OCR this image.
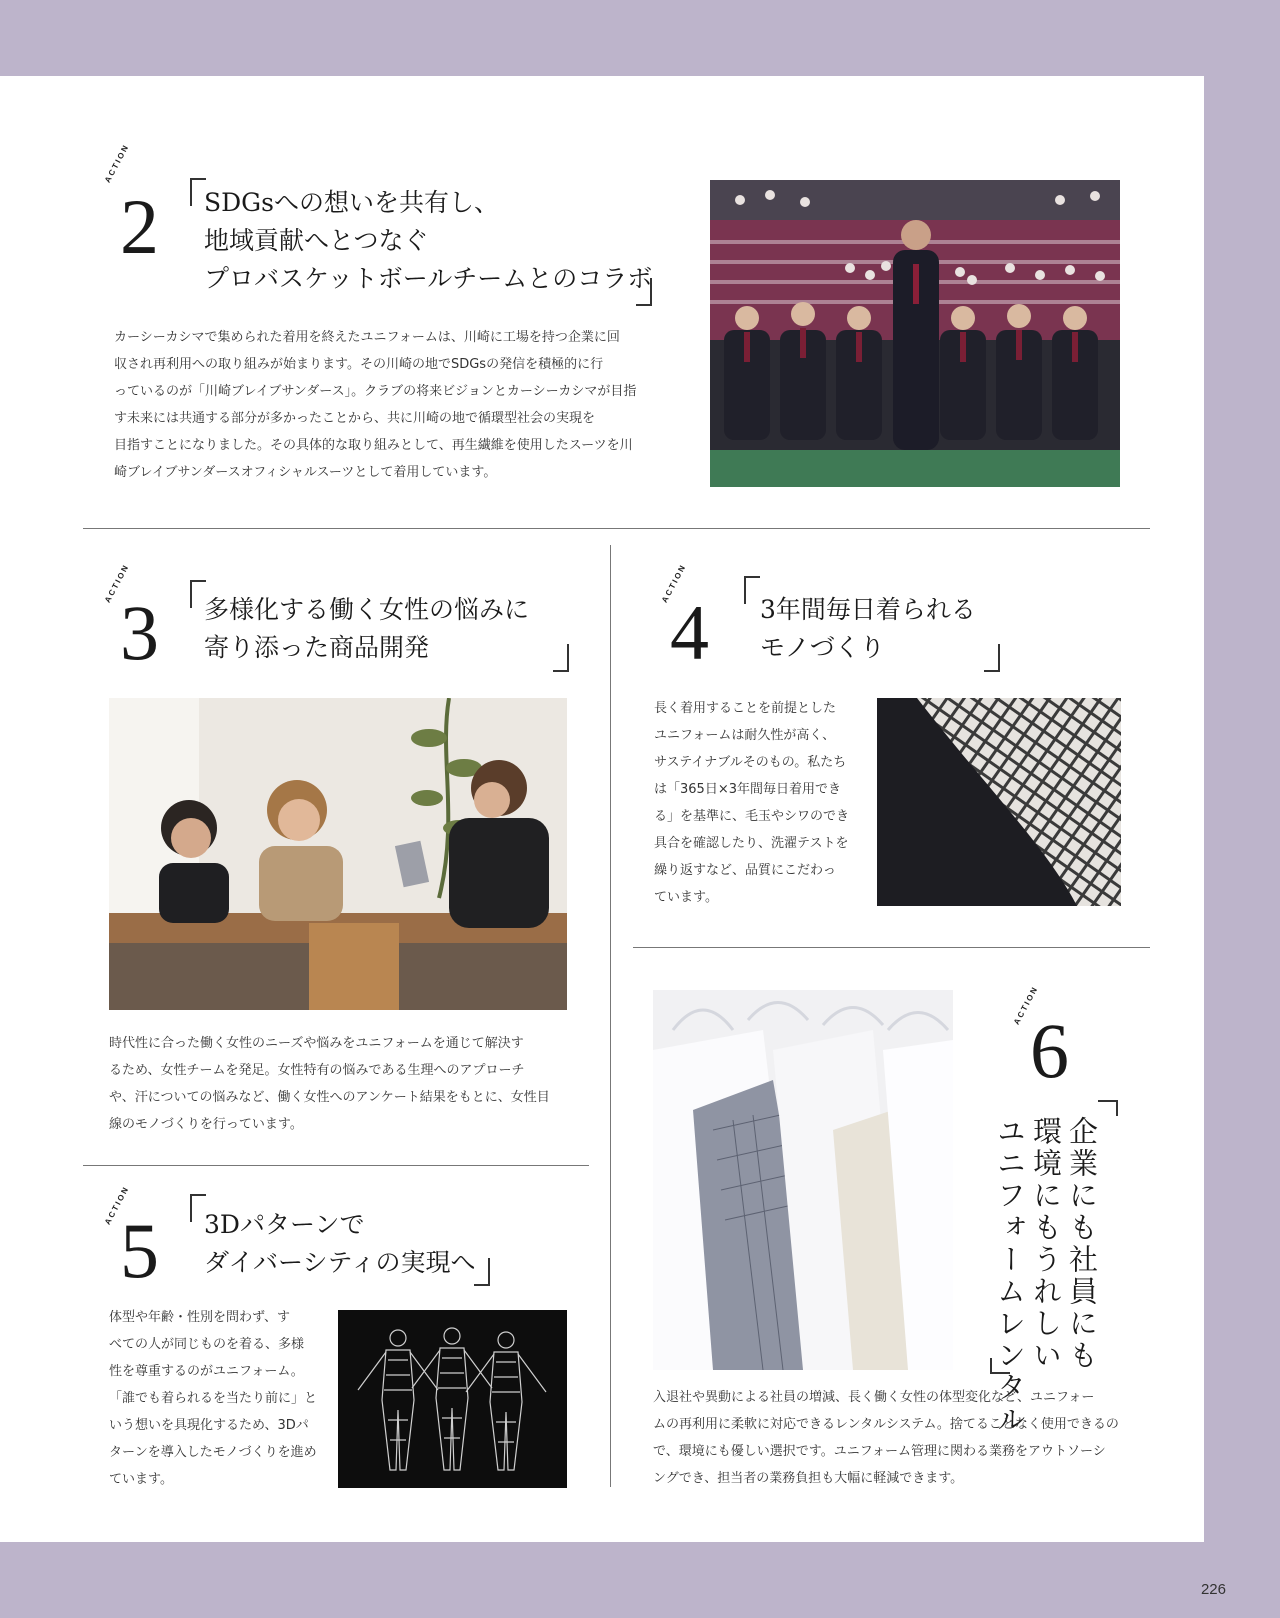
ACTION
2 SDGsへの想いを共有し、
地域貢献へとつなぐ
プロバスケットボールチームとのコラボ
カーシーカシマで集められた着用を終えたユニフォームは、川崎に工場を持つ企業に回
収され再利用への取り組みが始まります。その川崎の地でSDGsの発信を積極的に行
っているのが「川崎ブレイブサンダース」。クラブの将来ビジョンとカーシーカシマが目指
す未来には共通する部分が多かったことから、共に川崎の地で循環型社会の実現を
目指すことになりました。その具体的な取り組みとして、再生繊維を使用したスーツを川
崎ブレイブサンダースオフィシャルスーツとして着用しています。
ACTION
3 多様化する働く女性の悩みに
寄り添った商品開発
時代性に合った働く女性のニーズや悩みをユニフォームを通じて解決す
るため、女性チームを発足。女性特有の悩みである生理へのアプローチ
や、汗についての悩みなど、働く女性へのアンケート結果をもとに、女性目
線のモノづくりを行っています。
ACTION
4 3年間毎日着られる
モノづくり
長く着用することを前提とした
ユニフォームは耐久性が高く、
サステイナブルそのもの。私たち
は「365日×3年間毎日着用でき
る」を基準に、毛玉やシワのでき
具合を確認したり、洗濯テストを
繰り返すなど、品質にこだわっ
ています。
ACTION
5 3Dパターンで
ダイバーシティの実現へ
体型や年齢・性別を問わず、す
べての人が同じものを着る、多様
性を尊重するのがユニフォーム。
「誰でも着られるを当たり前に」と
いう想いを具現化するため、3Dパ
ターンを導入したモノづくりを進め
ています。
ACTION
6
企業にも社員にも
環境にもうれしい
ユニフォームレンタル
入退社や異動による社員の増減、長く働く女性の体型変化など、ユニフォー
ムの再利用に柔軟に対応できるレンタルシステム。捨てることなく使用できるの
で、環境にも優しい選択です。ユニフォーム管理に関わる業務をアウトソーシ
ングでき、担当者の業務負担も大幅に軽減できます。
226
